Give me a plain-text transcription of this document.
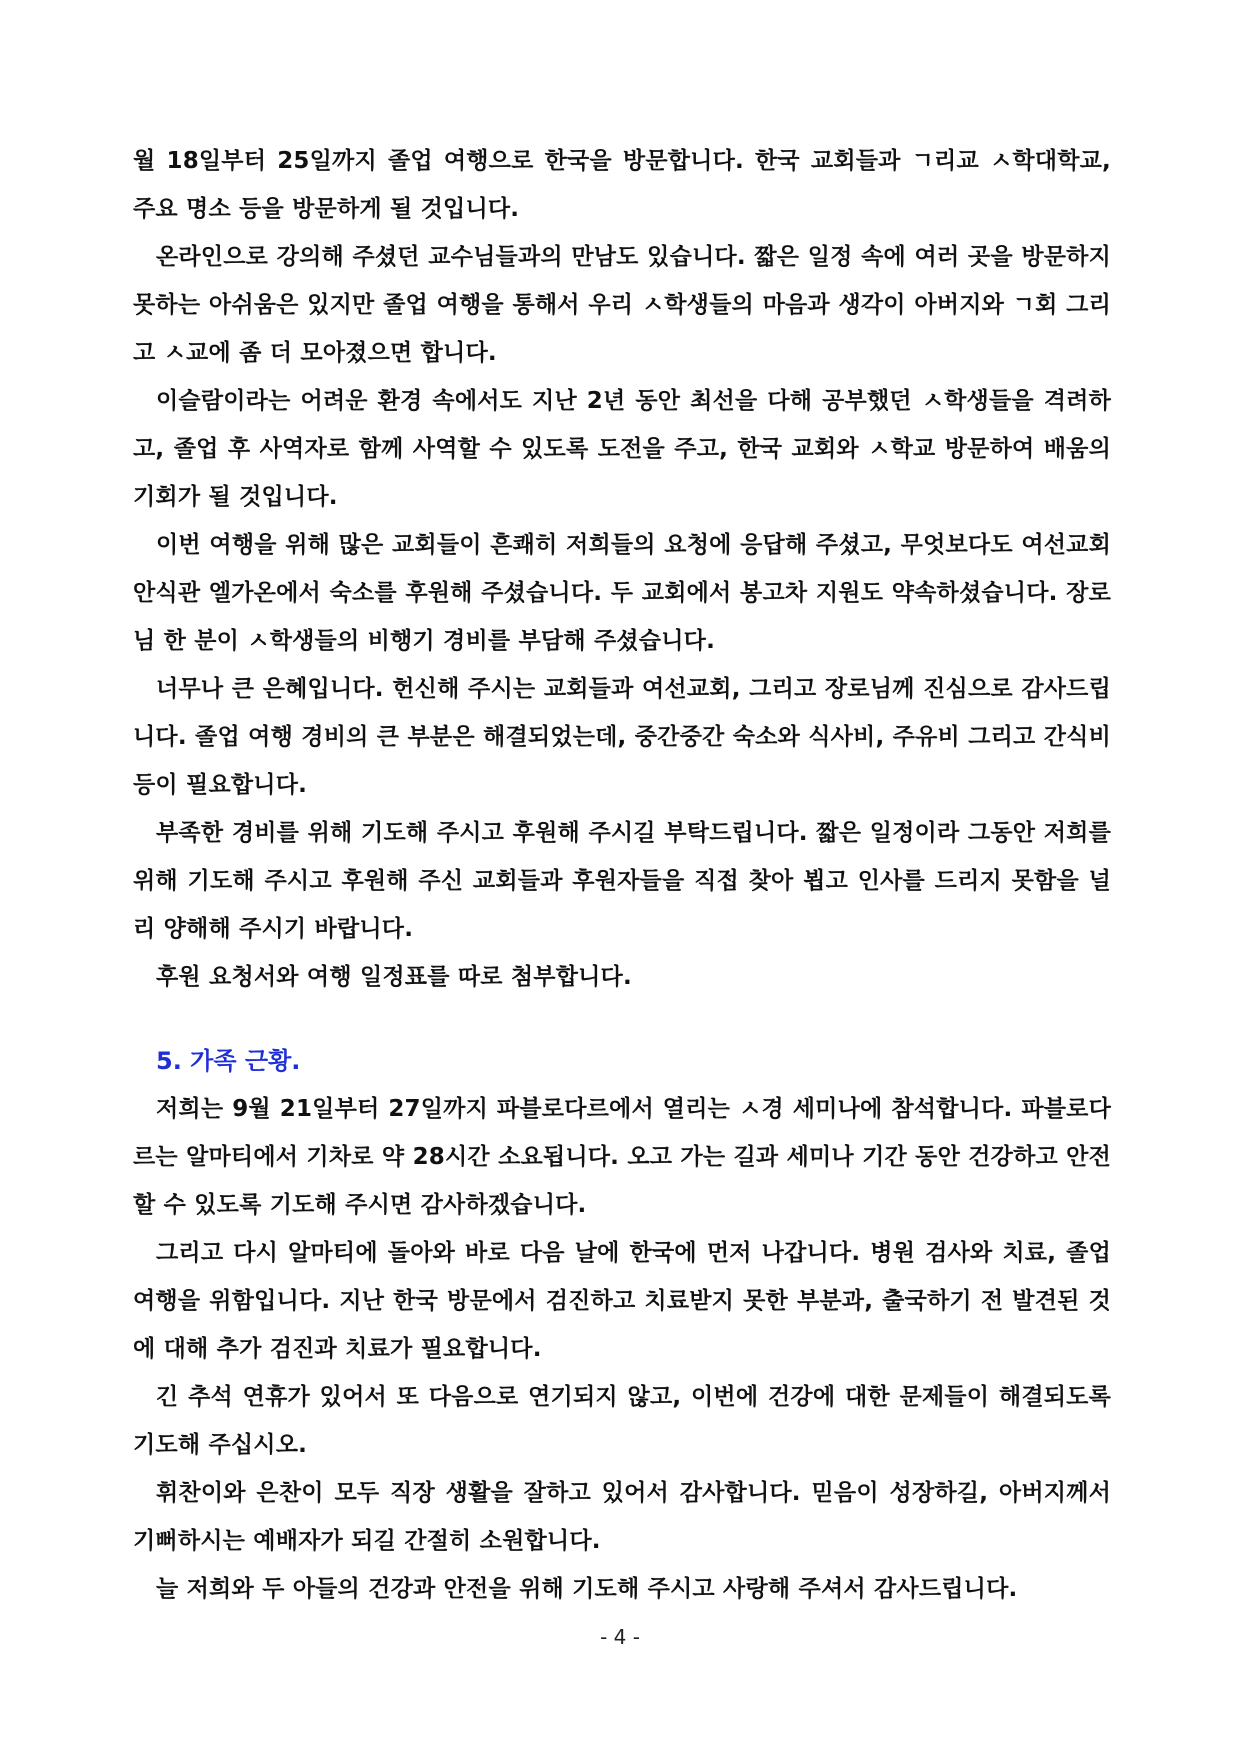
월 18일부터 25일까지 졸업 여행으로 한국을 방문합니다. 한국 교회들과 ㄱ리교 ㅅ학대학교, 주요 명소 등을 방문하게 될 것입니다.

온라인으로 강의해 주셨던 교수님들과의 만남도 있습니다. 짧은 일정 속에 여러 곳을 방문하지 못하는 아쉬움은 있지만 졸업 여행을 통해서 우리 ㅅ학생들의 마음과 생각이 아버지와 ㄱ회 그리고 ㅅ교에 좀 더 모아졌으면 합니다.

이슬람이라는 어려운 환경 속에서도 지난 2년 동안 최선을 다해 공부했던 ㅅ학생들을 격려하고, 졸업 후 사역자로 함께 사역할 수 있도록 도전을 주고, 한국 교회와 ㅅ학교 방문하여 배움의 기회가 될 것입니다.

이번 여행을 위해 많은 교회들이 흔쾌히 저희들의 요청에 응답해 주셨고, 무엇보다도 여선교회 안식관 엘가온에서 숙소를 후원해 주셨습니다. 두 교회에서 봉고차 지원도 약속하셨습니다. 장로님 한 분이 ㅅ학생들의 비행기 경비를 부담해 주셨습니다.

너무나 큰 은혜입니다. 헌신해 주시는 교회들과 여선교회, 그리고 장로님께 진심으로 감사드립니다. 졸업 여행 경비의 큰 부분은 해결되었는데, 중간중간 숙소와 식사비, 주유비 그리고 간식비 등이 필요합니다.

부족한 경비를 위해 기도해 주시고 후원해 주시길 부탁드립니다. 짧은 일정이라 그동안 저희를 위해 기도해 주시고 후원해 주신 교회들과 후원자들을 직접 찾아 뵙고 인사를 드리지 못함을 널리 양해해 주시기 바랍니다.

후원 요청서와 여행 일정표를 따로 첨부합니다.

5. 가족 근황.

저희는 9월 21일부터 27일까지 파블로다르에서 열리는 ㅅ경 세미나에 참석합니다. 파블로다르는 알마티에서 기차로 약 28시간 소요됩니다. 오고 가는 길과 세미나 기간 동안 건강하고 안전할 수 있도록 기도해 주시면 감사하겠습니다.

그리고 다시 알마티에 돌아와 바로 다음 날에 한국에 먼저 나갑니다. 병원 검사와 치료, 졸업 여행을 위함입니다. 지난 한국 방문에서 검진하고 치료받지 못한 부분과, 출국하기 전 발견된 것에 대해 추가 검진과 치료가 필요합니다.

긴 추석 연휴가 있어서 또 다음으로 연기되지 않고, 이번에 건강에 대한 문제들이 해결되도록 기도해 주십시오.

휘찬이와 은찬이 모두 직장 생활을 잘하고 있어서 감사합니다. 믿음이 성장하길, 아버지께서 기뻐하시는 예배자가 되길 간절히 소원합니다.

늘 저희와 두 아들의 건강과 안전을 위해 기도해 주시고 사랑해 주셔서 감사드립니다.

- 4 -
